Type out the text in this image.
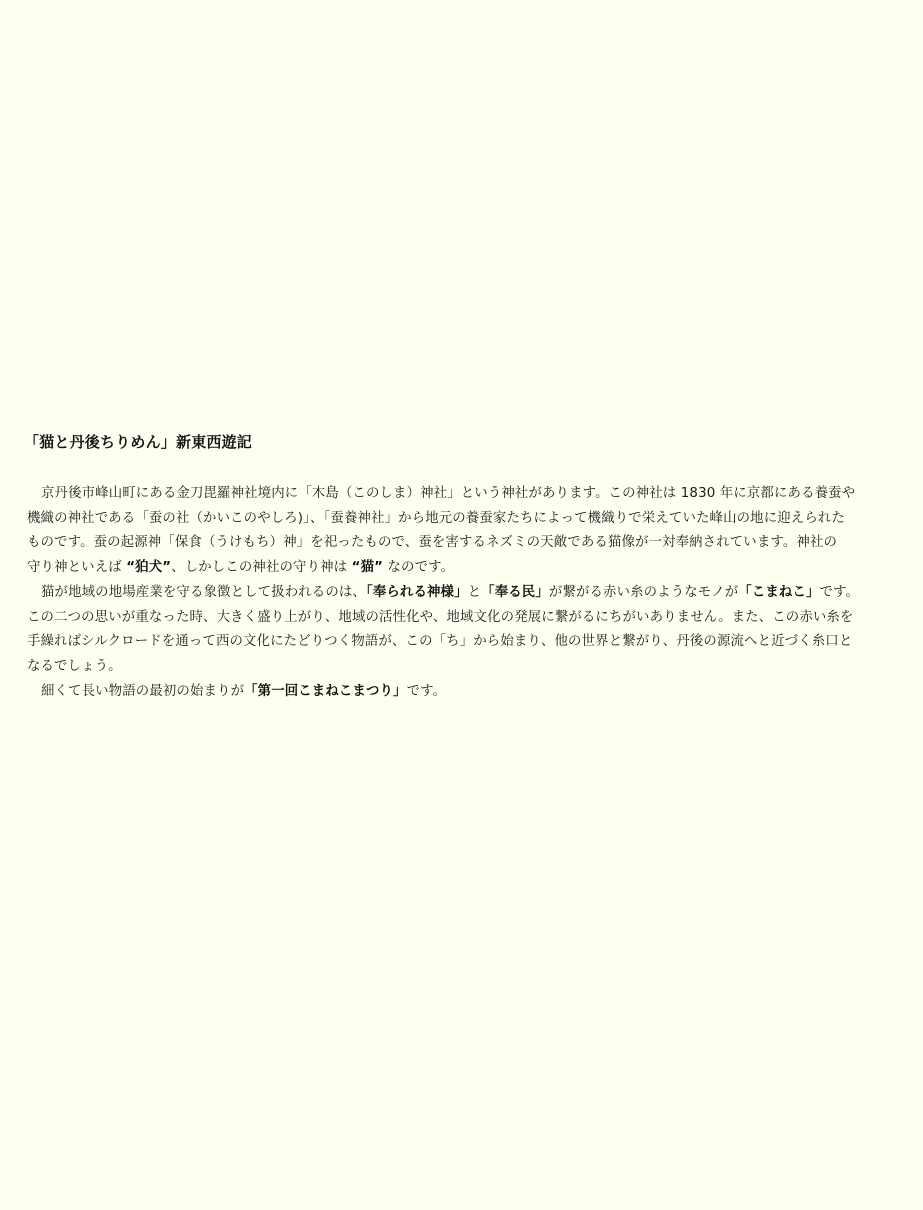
「猫と丹後ちりめん」新東西遊記

京丹後市峰山町にある金刀毘羅神社境内に「木島（このしま）神社」という神社があります。この神社は 1830 年に京都にある養蚕や
機織の神社である「蚕の社（かいこのやしろ)」、「蚕養神社」から地元の養蚕家たちによって機織りで栄えていた峰山の地に迎えられた
ものです。蚕の起源神「保食（うけもち）神」を祀ったもので、蚕を害するネズミの天敵である猫像が一対奉納されています。神社の
守り神といえば “狛犬”、しかしこの神社の守り神は “猫” なのです。

猫が地域の地場産業を守る象徴として扱われるのは、「奉られる神様」と「奉る民」が繋がる赤い糸のようなモノが「こまねこ」です。
この二つの思いが重なった時、大きく盛り上がり、地域の活性化や、地域文化の発展に繋がるにちがいありません。また、この赤い糸を
手繰ればシルクロードを通って西の文化にたどりつく物語が、この「ち」から始まり、他の世界と繋がり、丹後の源流へと近づく糸口と
なるでしょう。

細くて長い物語の最初の始まりが「第一回こまねこまつり」です。
